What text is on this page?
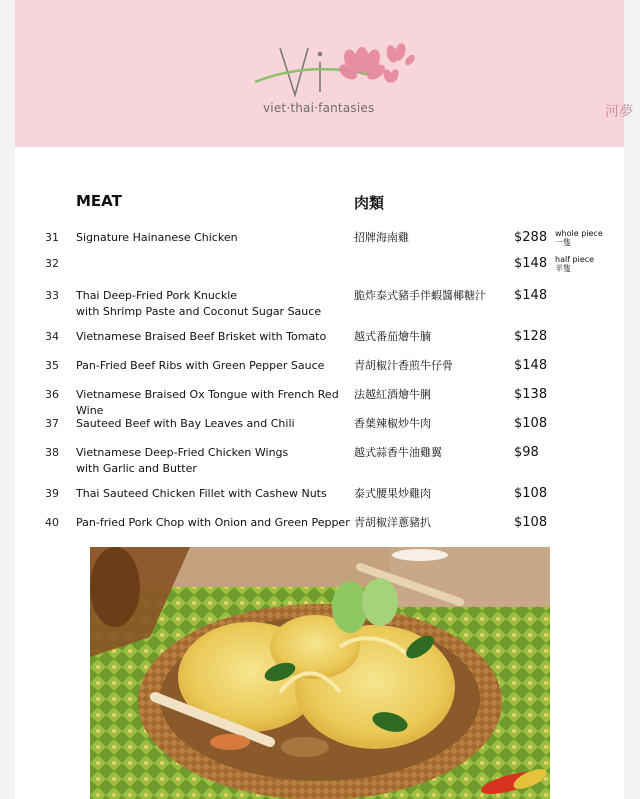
viet·thai·fantasies	河夢
MEAT	肉類
31 Signature Hainanese Chicken	招牌海南雞	$288 whole piece
一隻
32	$148 half piece
半隻
33 Thai Deep-Fried Pork Knuckle
with Shrimp Paste and Coconut Sugar Sauce
脆炸泰式豬手伴蝦醬椰糖汁 $148
34 Vietnamese Braised Beef Brisket with Tomato	越式番茄燴牛腩	$128
35 Pan-Fried Beef Ribs with Green Pepper Sauce	青胡椒汁香煎牛仔骨	$148
36 Vietnamese Braised Ox Tongue with French Red Wine
法越紅酒燴牛脷	$138
37 Sauteed Beef with Bay Leaves and Chili	香葉辣椒炒牛肉	$108
38 Vietnamese Deep-Fried Chicken Wings
with Garlic and Butter
越式蒜香牛油雞翼	$98
39 Thai Sauteed Chicken Fillet with Cashew Nuts	泰式腰果炒雞肉	$108
40 Pan-fried Pork Chop with Onion and Green Pepper 青胡椒洋蔥豬扒	$108
